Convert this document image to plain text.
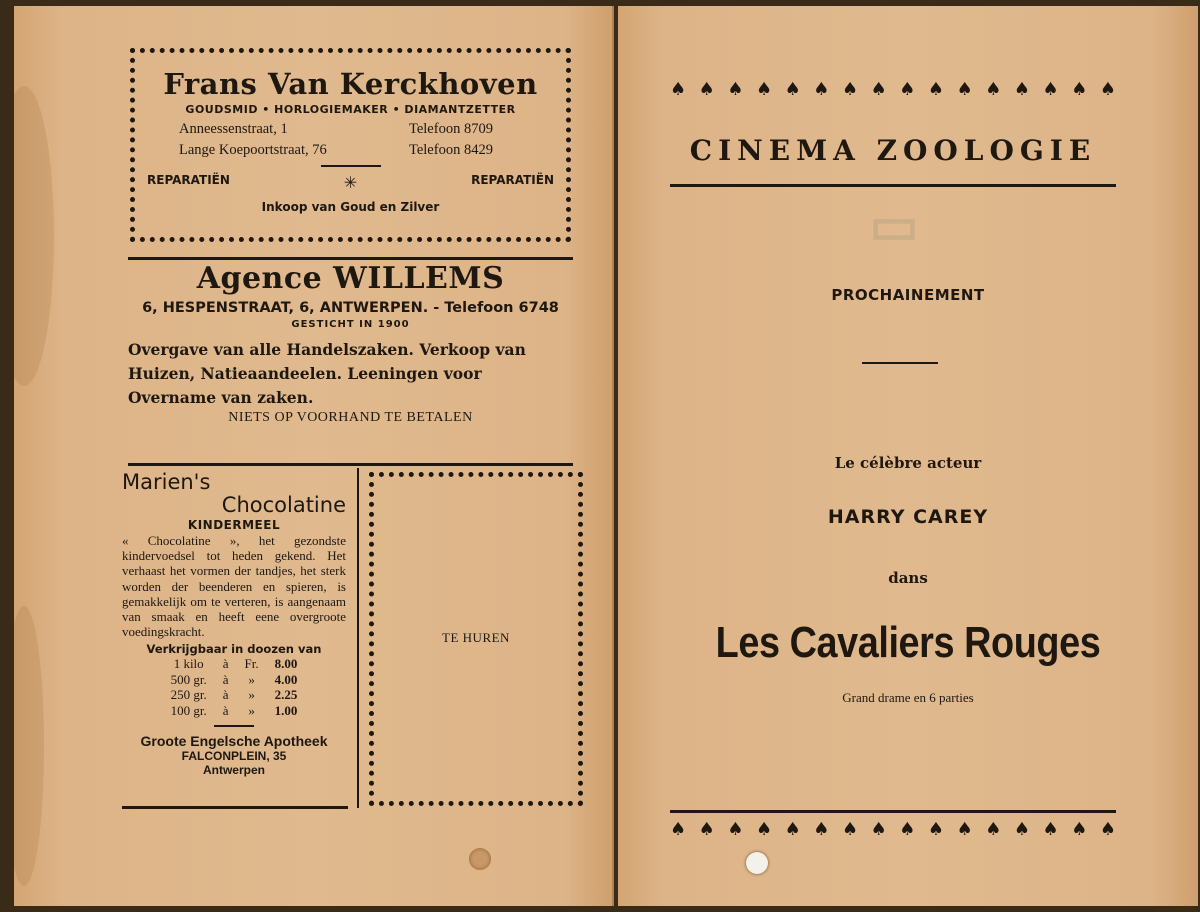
Frans Van Kerckhoven
GOUDSMID • HORLOGIEMAKER • DIAMANTZETTER
Anneessenstraat, 1	Telefoon 8709
Lange Koepoortstraat, 76	Telefoon 8429
REPARATIËN	✳	REPARATIËN
Inkoop van Goud en Zilver
Agence WILLEMS
6, HESPENSTRAAT, 6, ANTWERPEN. - Telefoon 6748
GESTICHT IN 1900
Overgave van alle Handelszaken. Verkoop van Huizen, Natieaandeelen. Leeningen voor Overname van zaken.
NIETS OP VOORHAND TE BETALEN
Marien's
Chocolatine
KINDERMEEL
« Chocolatine », het gezondste kindervoedsel tot heden gekend. Het verhaast het vormen der tandjes, het sterk worden der beenderen en spieren, is gemakkelijk om te verteren, is aangenaam van smaak en heeft eene overgroote voedingskracht.
Verkrijgbaar in doozen van
1 kilo	à	Fr.	8.00
500 gr.	à	»	4.00
250 gr.	à	»	2.25
100 gr.	à	»	1.00
Groote Engelsche Apotheek
FALCONPLEIN, 35
Antwerpen
TE HUREN
▭
♠ ♠ ♠ ♠ ♠ ♠ ♠ ♠ ♠ ♠ ♠ ♠ ♠ ♠ ♠ ♠
CINEMA ZOOLOGIE
PROCHAINEMENT
Le célèbre acteur
HARRY CAREY
dans
Les Cavaliers Rouges
Grand drame en 6 parties
♠ ♠ ♠ ♠ ♠ ♠ ♠ ♠ ♠ ♠ ♠ ♠ ♠ ♠ ♠ ♠
